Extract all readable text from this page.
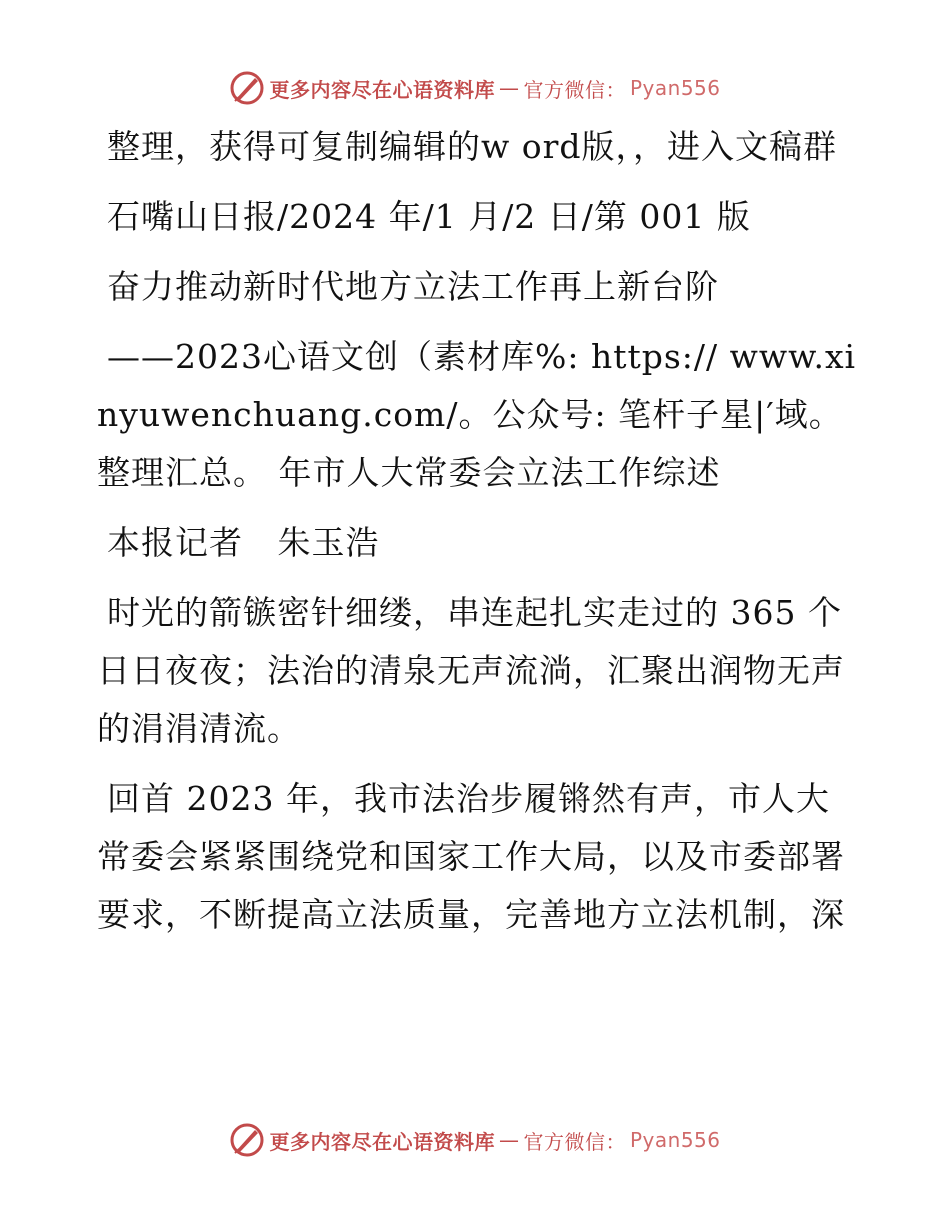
更多内容尽在心语资料库 — 官方微信： Pyan556

整理，获得可复制编辑的w ord版，，进入文稿群

石嘴山日报/2024 年/1 月/2 日/第 001 版

奋力推动新时代地方立法工作再上新台阶

——2023心语文创（素材库%: https:// www.xinyuwenchuang.com/。公众号: 笔杆子星|′域。整理汇总。 年市人大常委会立法工作综述

本报记者   朱玉浩

时光的箭镞密针细缕，串连起扎实走过的 365 个日日夜夜；法治的清泉无声流淌，汇聚出润物无声的涓涓清流。

回首 2023 年，我市法治步履锵然有声，市人大常委会紧紧围绕党和国家工作大局，以及市委部署要求，不断提高立法质量，完善地方立法机制，深

更多内容尽在心语资料库 — 官方微信： Pyan556
